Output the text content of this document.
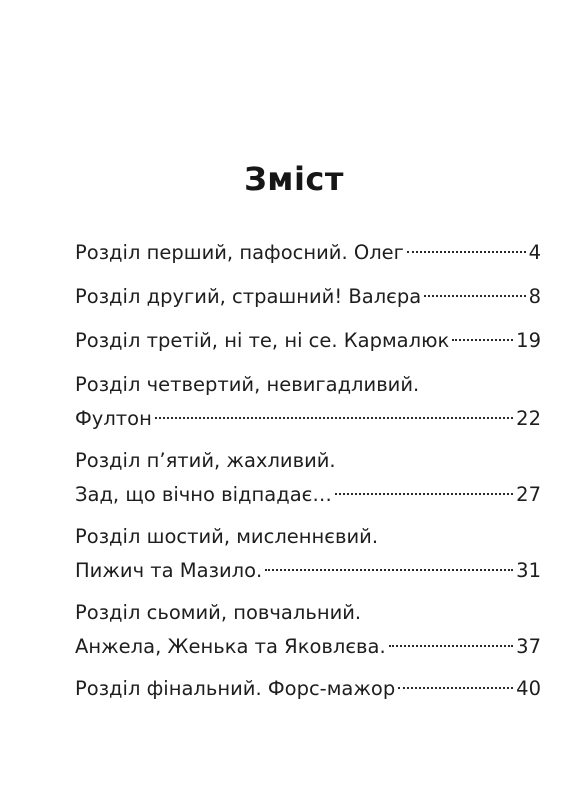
Зміст
Розділ перший, пафосний. Олег	4
Розділ другий, страшний! Валєра	8
Розділ третій, ні те, ні се. Кармалюк	19
Розділ четвертий, невигадливий.
Фултон	22
Розділ п’ятий, жахливий.
Зад, що вічно відпадає…	27
Розділ шостий, мисленнєвий.
Пижич та Мазило.	31
Розділ сьомий, повчальний.
Анжела, Женька та Яковлєва.	37
Розділ фінальний. Форс-мажор	40
